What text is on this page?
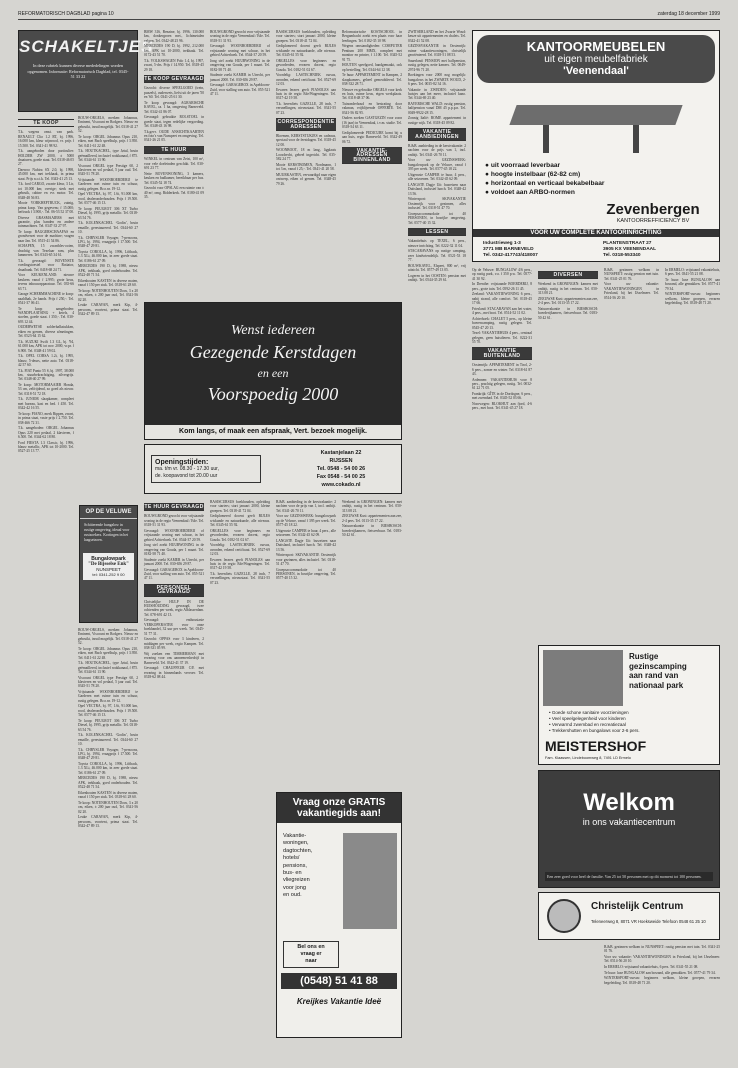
REFORMATORISCH DAGBLAD pagina 10	zaterdag 18 december 1999
SCHAKELTJES
In deze rubriek kunnen diverse mededelingen worden opgenomen. Informatie: Reformatorisch Dagblad, tel. 0345-51 33 22
TE KOOP

T.k. wegens omst. van park. RENAULT Clio 1.2 RT, bj. 1996, 16.000 km, kleur wijnrood, vr. prijs f 15.500. Tel. 0341-41 98 92.

T.k. aangeboden door particulier: HOLDER ZW 2000, ± 5000 draaiuren, goede staat. Tel. 0318-46 05 27.

Daewoo Nubira SX 2.0, bj. 1998, 45.000 km, met trekhaak, in prima staat. Prijs n.o.t.k. Tel. 0343-41 25 13.

T.k. ford CARGO, zwarte kleur, 3 Ltr, tot 10.000 km; overige; sterk met gebruik, cabine en rvs motor. Tel. 0348-48 56 83.

Mooie VORKHEFTRUCK, zuinig, prima koop. Van gegevens; f 15.000; heftruck f 3.900,-. Tel. 06-53 52 37 00.

Diverse GRASMAAIERS met garantie, plus banden en andere tuinmachines. Tel. 0347-33 27 97.

Te koop: BAGGERSCHAAFAS en grondverzet voor de machine; vragen naar Jan. Tel. 0515-41 54 86.

SCHAPEN, 15 zwartbles-ooien, drachtig van Texelaar ram, plus lammeren. Tel. 0343-65 34 61.

T.k. gevraagd: BOVENSTE voedingstoestel voor Rotiator, draaibank. Tel. 0418-68 24 71.

Voor KEUKENLAND: nieuwe keukens vanaf f 2.995; grote keus, tevens inbouwapparatuur. Tel. 035-66 63 71.

Garage SCHERMMACHINE te koop: naaldhak, 2e hands. Prijs f 250,-. Tel. 0541-37 06 41.

Te koop aangeboden: WANDPLAATSING + ketels, 4 stoelen, goede staat. f 350,-. Tel. 030-693 12 44.

OUDERWETSE zolderbalkstukken, eiken en grenen, diverse afmetingen. Tel. 0523-64 15 62.

T.k. SUZUKI Swift 1.3 GL, bj. '94, 61.000 km, APK tot nov. 2000, vr.pr. f 6.900. Tel. 0348-41 59 02.

T.k. OPEL CORSA 1.2i, bj. 1995, blauw, 5-deurs, nette auto. Tel. 0318-42 57 60.

T.k. FIAT Punto 55 S, bj. 1997, 38.000 km, stuurbekrachtiging, zilvergrijs. Tel. 0348-40 27 99.

Te koop: MOTORMAAIER Honda, 53 cm, zelfrijdend, zo goed als nieuw. Tel. 0318-51 72 18.

T.k. JUNIOR slaapkamer, compleet met bureau, kast en bed. f 450. Tel. 0342-42 16 55.

Te koop: PIANO, merk Rippen, zwart, in prima staat, vaste prijs f 2.750. Tel. 038-466 72 31.

T.k. aangeboden: ORGEL Johannus Opus 220 met pedaal, 2 klavieren, f 6.500. Tel. 0344-62 18 80.

Ford FIESTA 1.3 Classic, bj. 1996, blauw metallic, APK tot 10-2000. Tel. 0527-25 13 77.

BOUW-ORGELS, merken: Johannus, Eminent, Viscount en Rodgers. Nieuw en gebruikt, inruil mogelijk. Tel. 0318-41 27 52.

Te koop: ORGEL Johannus Opus 210, eiken, met Bach speelhulp, prijs f 3.950. Tel. 0411-61 22 48.

T.k. HOUTKACHEL, type Jøtul, bruin geëmailleerd, inclusief rookkanaal, f 875. Tel. 0344-61 13 90.

Viscount ORGEL type Prestige 60, 2 klavieren en vol pedaal, 5 jaar oud. Tel. 0345-51 78 20.

Vrijstaande WOONBOERDERIJ te Garderen met ruime tuin en schuur, rustig gelegen. Br.o.nr. 19-12.

Opel VECTRA, bj. 97, 1.6i, 91.000 km, rood, dealeronderhouden. Prijs f 19.500. Tel. 0577-46 15 13.

Te koop: PEUGEOT 306 XT Turbo Diesel, bj. 1995, grijs metallic. Tel. 0318-63 54 76.

T.k. KOLENKACHEL ‘Godin’, bruin emaille, gerestaureerd. Tel. 0344-60 27 10.

T.k. CHRYSLER Voyager, 7-persoons, LPG, bj. 1994, vraagprijs f 17.500. Tel. 0348-47 29 81.

Toyota COROLLA, bj. 1996, Liftback, 1.3 XLi, 46.000 km, in zeer goede staat. Tel. 0186-61 27 09.

MERCEDES 190 D, bj. 1988, nieuw APK, trekhaak, goed onderhouden. Tel. 0522-48 71 54.

Eikenhouten KASTEN in diverse maten, vanaf f 150 per stuk. Tel. 0318-61 28 60.

Te koop: NOTENHOUTEN Doos, 3 x 20 cm, eiken, ± 200 jaar oud, Tel. 0341-56 02 20.

Leuke CARAVAN, merk Kip, 4-persoons, voortent, prima staat. Tel. 0342-47 89 13.

OP DE VELUWE
Schitterende bungalow in rustige omgeving, ideaal voor rustzoekers. Kortingen in het laagseizoen.
Bungalowpark
"De Bijsselse Enk"
NUNSPEET
tel: 0341-252 9 00

BOUW-ORGELS, merken: Johannus, Eminent, Viscount en Rodgers. Nieuw en gebruikt, inruil mogelijk. Tel. 0318-41 27 52.

Te koop: ORGEL Johannus Opus 210, eiken, met Bach speelhulp, prijs f 3.950. Tel. 0411-61 22 48.

T.k. HOUTKACHEL, type Jøtul, bruin geëmailleerd, inclusief rookkanaal, f 875. Tel. 0344-61 13 90.

Viscount ORGEL type Prestige 60, 2 klavieren en vol pedaal, 5 jaar oud. Tel. 0345-51 78 20.

Vrijstaande WOONBOERDERIJ te Garderen met ruime tuin en schuur, rustig gelegen. Br.o.nr. 19-12.

Opel VECTRA, bj. 97, 1.6i, 91.000 km, rood, dealeronderhouden. Prijs f 19.500. Tel. 0577-46 15 13.

Te koop: PEUGEOT 306 XT Turbo Diesel, bj. 1995, grijs metallic. Tel. 0318-63 54 76.

T.k. KOLENKACHEL ‘Godin’, bruin emaille, gerestaureerd. Tel. 0344-60 27 10.

T.k. CHRYSLER Voyager, 7-persoons, LPG, bj. 1994, vraagprijs f 17.500. Tel. 0348-47 29 81.

Toyota COROLLA, bj. 1996, Liftback, 1.3 XLi, 46.000 km, in zeer goede staat. Tel. 0186-61 27 09.

MERCEDES 190 D, bj. 1988, nieuw APK, trekhaak, goed onderhouden. Tel. 0522-48 71 54.

Eikenhouten KASTEN in diverse maten, vanaf f 150 per stuk. Tel. 0318-61 28 60.

Te koop: NOTENHOUTEN Doos, 3 x 20 cm, eiken, ± 200 jaar oud, Tel. 0341-56 02 20.

Leuke CARAVAN, merk Kip, 4-persoons, voortent, prima staat. Tel. 0342-47 89 13.

BMW 316, Benzine, bj. 1996, 130.000 km, donkergroen met., lichtmetalen velgen. Tel. 0342-48 25 96.

MERCEDES 190 D, bj. 1992, 212.000 km, APK tot 10-2000, trekhaak. Tel. 0172-43 51 70.

T.k. VOLKSWAGEN Polo 1.4, bj. 1997, zwart, 5-drs. Prijs f 14.950. Tel. 0318-45 29 18.

TE KOOP GEVRAAGD

Gezocht: diverse SPEELGOED (trein, puzzels), ouderwets, liefst uit de jaren '50 en '60. Tel. 0341-25 61 30.

Te koop gevraagd: AGRARISCHE KAVEL, ca. 1 ha, omgeving Barneveld. Tel. 0342-41 86 07.

Gevraagd: gebruikte ROLSTOEL in goede staat, tegen redelijke vergoeding. Tel. 0348-43 16 98.

T.k.gevr. OUDE ANSICHTKAARTEN en foto's van Nunspeet en omgeving. Tel. 0341-26 21 05.

TE HUUR

WINKEL in centrum van Zeist, 100 m², voor vele doeleinden geschikt. Tel. 030-691 23 77.

Nette BOVENWONING, 3 kamers, keuken en badkamer, bereikbaar per bus. Tel. 0345-52 18 74.

Gezocht voor OPSLAG een ruimte van ± 40 m², omg. Ridderkerk. Tel. 0180-41 09 35.

BOUWGROND gezocht voor vrijstaande woning in de regio Veenendaal / Ede. Tel. 0318-51 31 93.

Gevraagd: WOONBOERDERIJ of vrijstaande woning met schuur, in het gebied Achterhoek. Tel. 0544-37 20 59.

Jong stel zoekt HUURWONING in de omgeving van Gouda, per 1 maart. Tel. 0182-58 71 40.

Studente zoekt KAMER in Utrecht, per januari 2000. Tel. 030-656 29 87.

Gevraagd: GARAGEBOX in Apeldoorn-Zuid, voor stalling van auto. Tel. 055-521 47 11.

BASISCURSUS boekhouden, opleiding voor starters; start januari 2000, kleine groepen. Tel. 0318-41 72 04.

Gediplomeerd docent geeft BIJLES wiskunde en natuurkunde, alle niveaus. Tel. 0345-61 55 92.

ORGELLES voor beginners en gevorderden, ervaren docent, regio Gouda. Tel. 0182-51 02 67.

Voordelig: LASTECHNIEK cursus, avonden, erkend certificaat. Tel. 0527-69 12 03.

Ervaren lerares geeft PIANOLES aan huis in de regio Ede/Wageningen. Tel. 0317-42 19 58.

T.k. herenfiets GAZELLE, 28 inch, 7 versnellingen, nieuwstaat. Tel. 0341-55 07 23.

CORRESPONDENTIE ADRESSEN

Bloemen, KERSTSTUKJES en cadeaus, speciaal voor de feestdagen. Tel. 0318-45 12 00.

WOONBOOT, 18 m lang, ligplaats Loosdrecht, geheel ingericht. Tel. 035-582 24 77.

Mooie KERSTBOMEN, Nordmann, 1 tot 3 m, vanaf f 25,-. Tel. 0341-41 20 58.

MUURKASTEN, vervaardigd naar eigen ontwerp, eiken of grenen. Tel. 0348-45 79 26.

Reformatorische KOSTSCHOOL in Bergambacht zoekt een plaats voor haar leerlingen. Tel. 0182-35 10 98.

Wegens omstandigheden: COMPUTER Pentium 200 MMX, compleet met monitor en printer, f 1.100. Tel. 0345-52 91 75.

HOUTEN speelgoed, handgemaakt, ook op bestelling. Tel. 0344-64 12 38.

Te huur: APPARTEMENT in Kampen, 2 slaapkamers, geheel gemeubileerd. Tel. 038-332 28 71.

Nieuwe en gebruikte ORGELS voor kerk en huis, ruime keus, eigen werkplaats. Tel. 0318-48 37 06.

Tuinonderhoud en bestrating door vakman, vrijblijvende OFFERTE. Tel. 0341-56 82 95.

Ouders zoeken GASTGEZIN voor zoon (16 jaar) in Veenendaal, i.v.m. studie. Tel. 0318-54 63 11.

Gediplomeerde PEDICURE komt bij u aan huis, regio Barneveld. Tel. 0342-49 06 72.

VAKANTIE-ADRESSEN BINNENLAND
Wenst iedereen
Gezegende Kerstdagen
en een
Voorspoedig 2000
Kom langs, of maak een afspraak, Vert. bezoek mogelijk.
Openingstijden:
ma. t/m vr. 08.30 - 17.30 uur,
de. koopavond tot 20.00 uur
Kastanjelaan 22
RIJSSEN
Tel. 0548 - 54 00 26
Fax 0548 - 54 00 25
www.cokado.nl
TE HUUR GEVRAAGD

BOUWGROND gezocht voor vrijstaande woning in de regio Veenendaal / Ede. Tel. 0318-51 31 93.

Gevraagd: WOONBOERDERIJ of vrijstaande woning met schuur, in het gebied Achterhoek. Tel. 0544-37 20 59.

Jong stel zoekt HUURWONING in de omgeving van Gouda, per 1 maart. Tel. 0182-58 71 40.

Studente zoekt KAMER in Utrecht, per januari 2000. Tel. 030-656 29 87.

Gevraagd: GARAGEBOX in Apeldoorn-Zuid, voor stalling van auto. Tel. 055-521 47 11.

PERSONEEL GEVRAAGD

Christelijke HULP IN DE HUISHOUDING gevraagd, twee ochtenden per week, regio Alblasserdam. Tel. 078-691 42 13.

Gevraagd: enthousiaste VERKOPER/STER voor onze boekhandel, 32 uur per week. Tel. 0345-51 77 31.

Gezocht: OPPAS voor 3 kinderen, 2 middagen per week, regio Kampen. Tel. 038-331 05 99.

Wij zoeken een TIMMERMAN met ervaring voor ons aannemersbedrijf in Barneveld. Tel. 0342-41 37 19.

Gevraagd: CHAUFFEUR C/E met ervaring in binnenlands vervoer. Tel. 0318-62 08 44.

BASISCURSUS boekhouden, opleiding voor starters; start januari 2000, kleine groepen. Tel. 0318-41 72 04.

Gediplomeerd docent geeft BIJLES wiskunde en natuurkunde, alle niveaus. Tel. 0345-61 55 92.

ORGELLES voor beginners en gevorderden, ervaren docent, regio Gouda. Tel. 0182-51 02 67.

Voordelig: LASTECHNIEK cursus, avonden, erkend certificaat. Tel. 0527-69 12 03.

Ervaren lerares geeft PIANOLES aan huis in de regio Ede/Wageningen. Tel. 0317-42 19 58.

T.k. herenfiets GAZELLE, 28 inch, 7 versnellingen, nieuwstaat. Tel. 0341-55 07 23.

B.&B. aanbieding in de kerstvakantie: 2 nachten voor de prijs van 1, incl. ontbijt. Tel. 0341-26 70 11.

Voor uw GEZINSWEEK: bungalowpark op de Veluwe, vanaf f 395 per week. Tel. 0577-45 18 22.

Uitgeruste CAMPER te huur, 4 pers., alle seizoenen. Tel. 0342-45 62 09.

LANGSTE Dagje Uit: busreizen naar Duitsland, inclusief lunch. Tel. 0348-42 13 56.

Wintersport: SKIVAKANTIE Oostenrijk voor gezinnen, alles inclusief. Tel. 0318-51 47 70.

Groepsaccommodatie tot 40 PERSONEN, in bosrijke omgeving. Tel. 0577-40 15 32.

Vraag onze GRATIS
vakantiegids aan!
Vakantie-
woningen,
dagtochten,
hotels/
pensions,
bus- en
vliegreizen
voor jong
en oud.
Bel ons en
vraag er
naar
(0548) 51 41 88
Kreijkes Vakantie Ideë

Weekend in GRONINGEN: kamers met ontbijt, rustig in het centrum. Tel. 050-313 08 21.

ZEEUWSE Kust: appartementen aan zee, 2-4 pers. Tel. 0113-35 17 22.

Natuurvakantie in BIESBOSCH: boerderijkamers, fietsverhuur. Tel. 0183-50 42 61.

ZWITSERLAND en het Zwarte Woud: keuze uit appartementen en chalets. Tel. 0342-41 52 08.

GEZINSVAKANTIE in Oostenrijk: ruime vakantiewoningen, christelijk georiënteerd. Tel. 0318-51 08 53.

Sauerland: PENSION met halfpension, rustig gelegen, nette kamers. Tel. 0049-2974-96 71 20.

Boekingen voor 2000 nog mogelijk: bungalows in het ZWARTE WOUD, 2-6 pers. Tel. 0035-82 34 16.

Vakantie in ZWEDEN: vrijstaande huisjes aan het meer, inclusief kano. Tel. 0344-69 23 40.

BAYERISCHE WALD: rustig pension, halfpension vanaf DM 45 p.p.p.n. Tel. 0049-9922-28 15.

Zonnig Italië: ROME appartement in rustige wijk. Tel. 0318-45 09 82.

VAKANTIE AANBIEDINGEN

B.&B. aanbieding in de kerstvakantie: 2 nachten voor de prijs van 1, incl. ontbijt. Tel. 0341-26 70 11.

Voor uw GEZINSWEEK: bungalowpark op de Veluwe, vanaf f 395 per week. Tel. 0577-45 18 22.

Uitgeruste CAMPER te huur, 4 pers., alle seizoenen. Tel. 0342-45 62 09.

LANGSTE Dagje Uit: busreizen naar Duitsland, inclusief lunch. Tel. 0348-42 13 56.

Wintersport: SKIVAKANTIE Oostenrijk voor gezinnen, alles inclusief. Tel. 0318-51 47 70.

Groepsaccommodatie tot 40 PERSONEN, in bosrijke omgeving. Tel. 0577-40 15 32.

LESSEN

Vakantiehuis op TEXEL, 6 pers., nieuwe inrichting. Tel. 0222-32 11 04.

STACARAVANS op rustige camping, zeer kindvriendelijk. Tel. 0521-53 18 77.

BOUWKAVEL, Elspeet, 800 m², vrij uitzicht. Tel. 0577-49 13 05.

Logeren in het OOSTEN: pension met ontbijt. Tel. 0544-35 29 61.

KANTOORMEUBELEN
uit eigen meubelfabriek
'Veenendaal'
● uit voorraad leverbaar
● hoogte instelbaar (62-82 cm)
● horizontaal en verticaal bekabelbaar
● voldoet aan ARBO-normen
Zevenbergen
KANTOORREFFICIENCY BV
VOOR UW COMPLETE KANTOORINRICHTING
Industrieweg 1-3
3771 MB BARNEVELD
Tel. 0342-417743/418007
PLANTENSTRAAT 27
3905 KX VEENENDAAL
Tel. 0318-553340

Op de Veluwe: BUNGALOW 4/6 pers., op rustig park, v.a. f 350 p.w. Tel. 0577-41 30 92.

In Drenthe: vrijstaande BOERDERIJ, 8 pers., grote tuin. Tel. 0592-26 11 45.

Zeeland: VAKANTIEWONING 6 pers., nabij strand, alle comfort. Tel. 0118-45 17 66.

Friesland: STACARAVAN aan het water, 4 pers., met boot. Tel. 0514-52 11 02.

Achterhoek: CHALET 5 pers., op kleine boerencamping, rustig gelegen. Tel. 0545-47 20 13.

Texel: VAKANTIEHUIS 4 pers., centraal gelegen, geen huisdieren. Tel. 0222-31 55 70.

VAKANTIE BUITENLAND

Oostenrijk: APPARTEMENT in Tirol, 2-6 pers., zomer en winter. Tel. 0318-61 87 43.

Ardennen: VAKANTIEHUIS voor 8 pers., prachtig gelegen, rustig. Tel. 0032-61 22 71 05.

Frankrijk: GÎTE in de Dordogne, 6 pers., met zwembad. Tel. 0345-52 03 66.

Noorwegen: BLOKHUT aan fjord, 4-6 pers., met boot. Tel. 0341-45 27 18.

DIVERSEN

Weekend in GRONINGEN: kamers met ontbijt, rustig in het centrum. Tel. 050-313 08 21.

ZEEUWSE Kust: appartementen aan zee, 2-4 pers. Tel. 0113-35 17 22.

Natuurvakantie in BIESBOSCH: boerderijkamers, fietsverhuur. Tel. 0183-50 42 61.

B.&B. gezinnen welkom in NUNSPEET: rustig pension met tuin. Tel. 0341-25 01 76.

Voor uw vakantie: VAKANTIEWONINGEN in Friesland, bij het IJsselmeer. Tel. 0514-56 20 10.

In ERMELO: vrijstaand vakantiehuis, 6 pers. Tel. 0341-55 21 08.

Te huur: luxe BUNGALOW aan bosrand, alle gemakken. Tel. 0577-41 79 34.

WINTERSPORT-cursus: beginners welkom, kleine groepen, ervaren begeleiding. Tel. 0318-48 71 20.

Rustige
gezinscamping
aan rand van
nationaal park
• Goede schone sanitaire voorzieningen
• Veel speelgelegenheid voor kinderen
• Verwarmd zwembad en recreatiezaal
• Trekkershutten en bungalows voor 2-6 pers.
MEISTERSHOF
Fam. Klaassen, Lindeboomweg 8, 7491 LD Ermelo
Welkom
in ons vakantiecentrum
Een zeer goed voor heel de familie. Van 25 tot 50 personen met op dit moment tot 100 personen.
Christelijk Centrum
Teleneerweg 8, 8071 VR Hoeksweide Telefoon 0548 61 25 10

B.&B. gezinnen welkom in NUNSPEET: rustig pension met tuin. Tel. 0341-25 01 76.

Voor uw vakantie: VAKANTIEWONINGEN in Friesland, bij het IJsselmeer. Tel. 0514-56 20 10.

In ERMELO: vrijstaand vakantiehuis, 6 pers. Tel. 0341-55 21 08.

Te huur: luxe BUNGALOW aan bosrand, alle gemakken. Tel. 0577-41 79 34.

WINTERSPORT-cursus: beginners welkom, kleine groepen, ervaren begeleiding. Tel. 0318-48 71 20.
